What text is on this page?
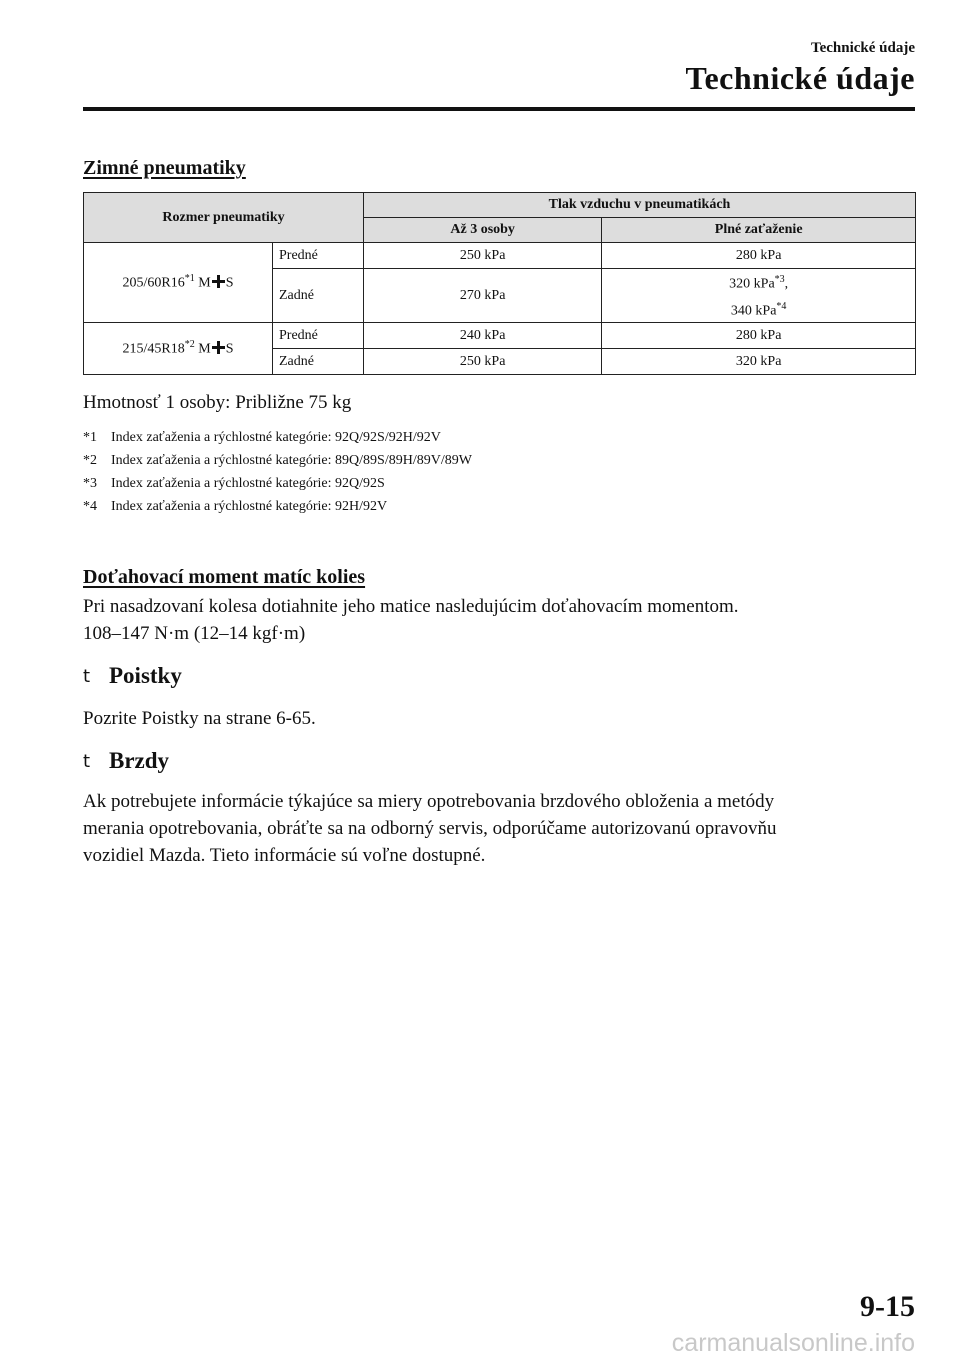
Technické údaje
Technické údaje
Zimné pneumatiky
Rozmer pneumatiky		Tlak vzduchu v pneumatikách	
		Až 3 osoby	Plné zaťaženie
205/60R16$^{*1}$ M S	Predné	250 kPa	280 kPa
	Zadné	270 kPa	320 kPa$^{*3}$,
340 kPa$^{*4}$

215/45R18$^{*2}$ M S	Predné	240 kPa	280 kPa
	Zadné	250 kPa	320 kPa

Hmotnosť 1 osoby: Približne 75 kg

*1 Index zaťaženia a rýchlostné kategórie: 92Q/92S/92H/92V

*2 Index zaťaženia a rýchlostné kategórie: 89Q/89S/89H/89V/89W

*3 Index zaťaženia a rýchlostné kategórie: 92Q/92S

*4 Index zaťaženia a rýchlostné kategórie: 92H/92V

Doťahovací moment matíc kolies

Pri nasadzovaní kolesa dotiahnite jeho matice nasledujúcim doťahovacím momentom.

108–147 N·m (12–14 kgf·m)

t Poistky

Pozrite Poistky na strane 6-65.

t Brzdy

Ak potrebujete informácie týkajúce sa miery opotrebovania brzdového obloženia a metódy

merania opotrebovania, obráťte sa na odborný servis, odporúčame autorizovanú opravovňu

vozidiel Mazda. Tieto informácie sú voľne dostupné.

9-15
carmanualsonline.info
